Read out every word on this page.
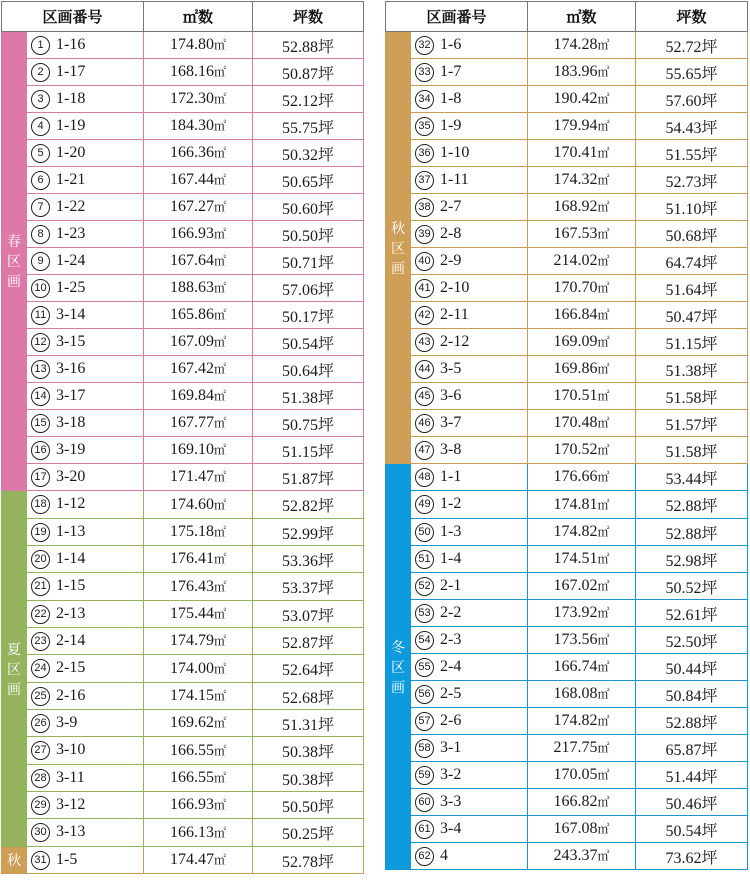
区画番号		㎡数	坪数
春区画	1 1-16	174.80㎡	52.88坪
	2 1-17	168.16㎡	50.87坪
	3 1-18	172.30㎡	52.12坪
	4 1-19	184.30㎡	55.75坪
	5 1-20	166.36㎡	50.32坪
	6 1-21	167.44㎡	50.65坪
	7 1-22	167.27㎡	50.60坪
	8 1-23	166.93㎡	50.50坪
	9 1-24	167.64㎡	50.71坪
	10 1-25	188.63㎡	57.06坪
	11 3-14	165.86㎡	50.17坪
	12 3-15	167.09㎡	50.54坪
	13 3-16	167.42㎡	50.64坪
	14 3-17	169.84㎡	51.38坪
	15 3-18	167.77㎡	50.75坪
	16 3-19	169.10㎡	51.15坪
	17 3-20	171.47㎡	51.87坪
夏区画	18 1-12	174.60㎡	52.82坪
	19 1-13	175.18㎡	52.99坪
	20 1-14	176.41㎡	53.36坪
	21 1-15	176.43㎡	53.37坪
	22 2-13	175.44㎡	53.07坪
	23 2-14	174.79㎡	52.87坪
	24 2-15	174.00㎡	52.64坪
	25 2-16	174.15㎡	52.68坪
	26 3-9	169.62㎡	51.31坪
	27 3-10	166.55㎡	50.38坪
	28 3-11	166.55㎡	50.38坪
	29 3-12	166.93㎡	50.50坪
	30 3-13	166.13㎡	50.25坪
秋	31 1-5	174.47㎡	52.78坪
区画番号		㎡数	坪数
秋区画	32 1-6	174.28㎡	52.72坪
	33 1-7	183.96㎡	55.65坪
	34 1-8	190.42㎡	57.60坪
	35 1-9	179.94㎡	54.43坪
	36 1-10	170.41㎡	51.55坪
	37 1-11	174.32㎡	52.73坪
	38 2-7	168.92㎡	51.10坪
	39 2-8	167.53㎡	50.68坪
	40 2-9	214.02㎡	64.74坪
	41 2-10	170.70㎡	51.64坪
	42 2-11	166.84㎡	50.47坪
	43 2-12	169.09㎡	51.15坪
	44 3-5	169.86㎡	51.38坪
	45 3-6	170.51㎡	51.58坪
	46 3-7	170.48㎡	51.57坪
	47 3-8	170.52㎡	51.58坪
冬区画	48 1-1	176.66㎡	53.44坪
	49 1-2	174.81㎡	52.88坪
	50 1-3	174.82㎡	52.88坪
	51 1-4	174.51㎡	52.98坪
	52 2-1	167.02㎡	50.52坪
	53 2-2	173.92㎡	52.61坪
	54 2-3	173.56㎡	52.50坪
	55 2-4	166.74㎡	50.44坪
	56 2-5	168.08㎡	50.84坪
	57 2-6	174.82㎡	52.88坪
	58 3-1	217.75㎡	65.87坪
	59 3-2	170.05㎡	51.44坪
	60 3-3	166.82㎡	50.46坪
	61 3-4	167.08㎡	50.54坪
	62 4	243.37㎡	73.62坪
